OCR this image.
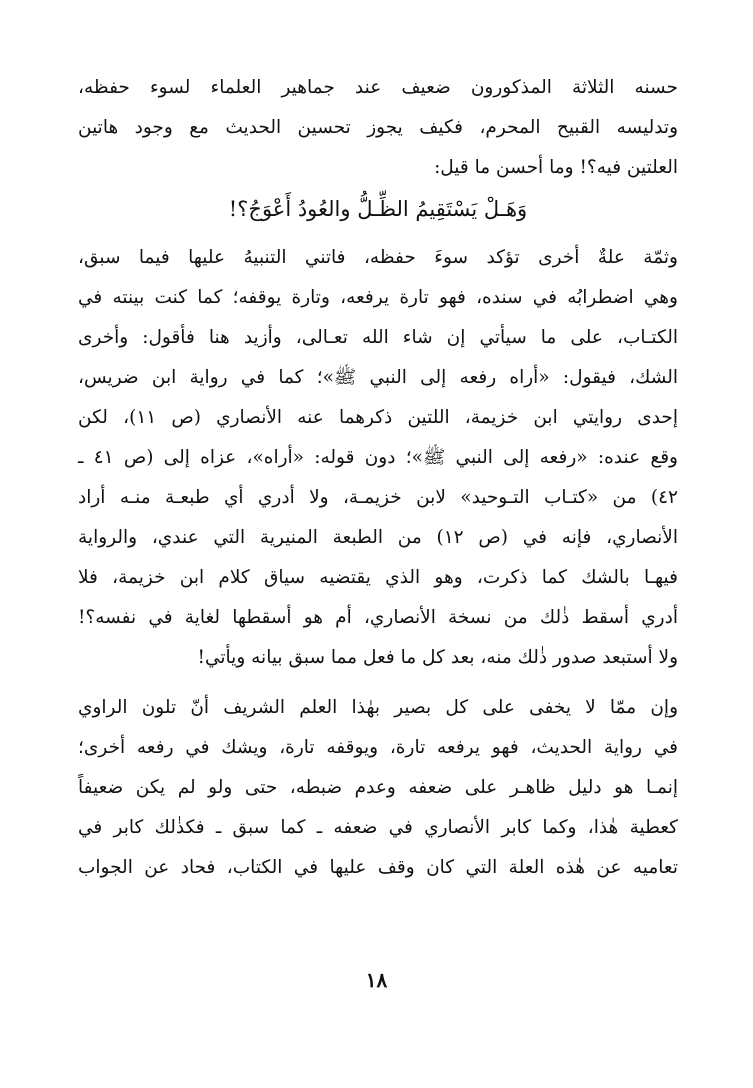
حسنه الثلاثة المذكورون ضعيف عند جماهير العلماء لسوء حفظه،
وتدليسه القبيح المحرم، فكيف يجوز تحسين الحديث مع وجود هاتين
العلتين فيه؟! وما أحسن ما قيل:
وَهَـلْ يَسْتَقِيمُ الظِّـلُّ والعُودُ أَعْوَجُ؟!
وثمّة علةٌ أخرى تؤكد سوءَ حفظه، فاتني التنبيهُ عليها فيما سبق،
وهي اضطرابُه في سنده، فهو تارة يرفعه، وتارة يوقفه؛ كما كنت بينته في
الكتـاب، على ما سيأتي إن شاء الله تعـالى، وأزيد هنا فأقول: وأخرى
الشك، فيقول: «أراه رفعه إلى النبي ﷺ»؛ كما في رواية ابن ضريس،
إحدى روايتي ابن خزيمة، اللتين ذكرهما عنه الأنصاري (ص ١١)، لكن
وقع عنده: «رفعه إلى النبي ﷺ»؛ دون قوله: «أراه»، عزاه إلى (ص ٤١ ـ
٤٢) من «كتـاب التـوحيد» لابن خزيمـة، ولا أدري أي طبعـة منـه أراد
الأنصاري، فإنه في (ص ١٢) من الطبعة المنيرية التي عندي، والرواية
فيهـا بالشك كما ذكرت، وهو الذي يقتضيه سياق كلام ابن خزيمة، فلا
أدري أسقط ذٰلك من نسخة الأنصاري، أم هو أسقطها لغاية في نفسه؟!
ولا أستبعد صدور ذٰلك منه، بعد كل ما فعل مما سبق بيانه ويأتي!
وإن ممّا لا يخفى على كل بصير بهٰذا العلم الشريف أنّ تلون الراوي
في رواية الحديث، فهو يرفعه تارة، ويوقفه تارة، ويشك في رفعه أخرى؛
إنمـا هو دليل ظاهـر على ضعفه وعدم ضبطه، حتى ولو لم يكن ضعيفاً
كعطية هٰذا، وكما كابر الأنصاري في ضعفه ـ كما سبق ـ فكذٰلك كابر في
تعاميه عن هٰذه العلة التي كان وقف عليها في الكتاب، فحاد عن الجواب
١٨
